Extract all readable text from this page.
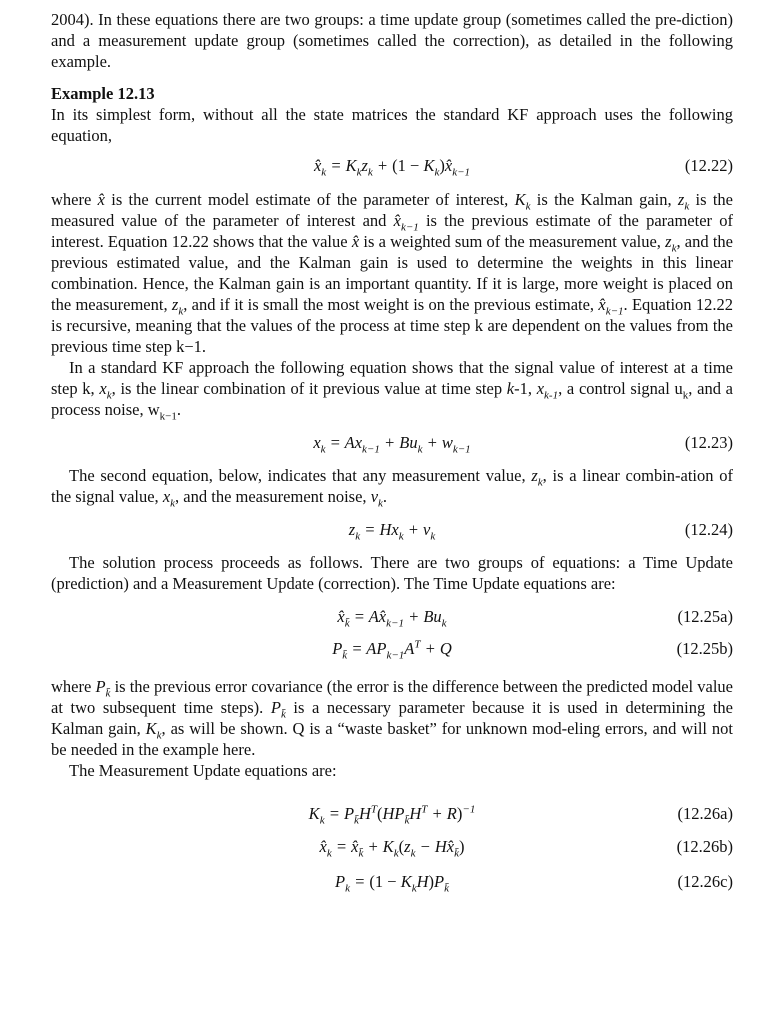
2004). In these equations there are two groups: a time update group (sometimes called the pre-diction) and a measurement update group (sometimes called the correction), as detailed in the following example.

Example 12.13

In its simplest form, without all the state matrices the standard KF approach uses the following equation,

$x̂_k = K_kz_k + (1$ − $K_k)x̂_{k-1}$	(12.22)

where x̂ is the current model estimate of the parameter of interest, $K_k$ is the Kalman gain, $z_k$ is the measured value of the parameter of interest and $x̂_{k-1}$ is the previous estimate of the parameter of interest. Equation 12.22 shows that the value x̂ is a weighted sum of the measurement value, $z_k$, and the previous estimated value, and the Kalman gain is used to determine the weights in this linear combination. Hence, the Kalman gain is an important quantity. If it is large, more weight is placed on the measurement, $z_k$, and if it is small the most weight is on the previous estimate, $x̂_{k-1}$. Equation 12.22 is recursive, meaning that the values of the process at time step k are dependent on the values from the previous time step k−1.

In a standard KF approach the following equation shows that the signal value of interest at a time step k, $x_k$, is the linear combination of it previous value at time step k-1, $x_{k-1}$, a control signal $u_k$, and a process noise, $w_{k-1}$.

$x_k = Ax_{k-1} + Bu_k + w_{k-1}$	(12.23)

The second equation, below, indicates that any measurement value, $z_k$, is a linear combin-ation of the signal value, $x_k$, and the measurement noise, $v_k$.

$z_k = Hx_k + v_k$	(12.24)

The solution process proceeds as follows. There are two groups of equations: a Time Update (prediction) and a Measurement Update (correction). The Time Update equations are:

$x̂_{k̄}$ = $Ax̂_{k-1} + Bu_k$	(12.25a)
$P_{k̄} = AP_{k-1}A^T + Q$	(12.25b)

where $P_{k̄}$ is the previous error covariance (the error is the difference between the predicted model value at two subsequent time steps). $P_{k̄}$ is a necessary parameter because it is used in determining the Kalman gain, $K_k$, as will be shown. Q is a “waste basket” for unknown mod-eling errors, and will not be needed in the example here.

The Measurement Update equations are:

$K_k = P_{k̄}H^T(HP_{k̄}H^T + R)^{-1}$	(12.26a)
$x̂_k$ = $x̂_{k̄} + K_k(z_k$ − $Hx̂_{k̄}$)	(12.26b)
$P_k = (1 - K_kH)P_{k̄}$	(12.26c)
